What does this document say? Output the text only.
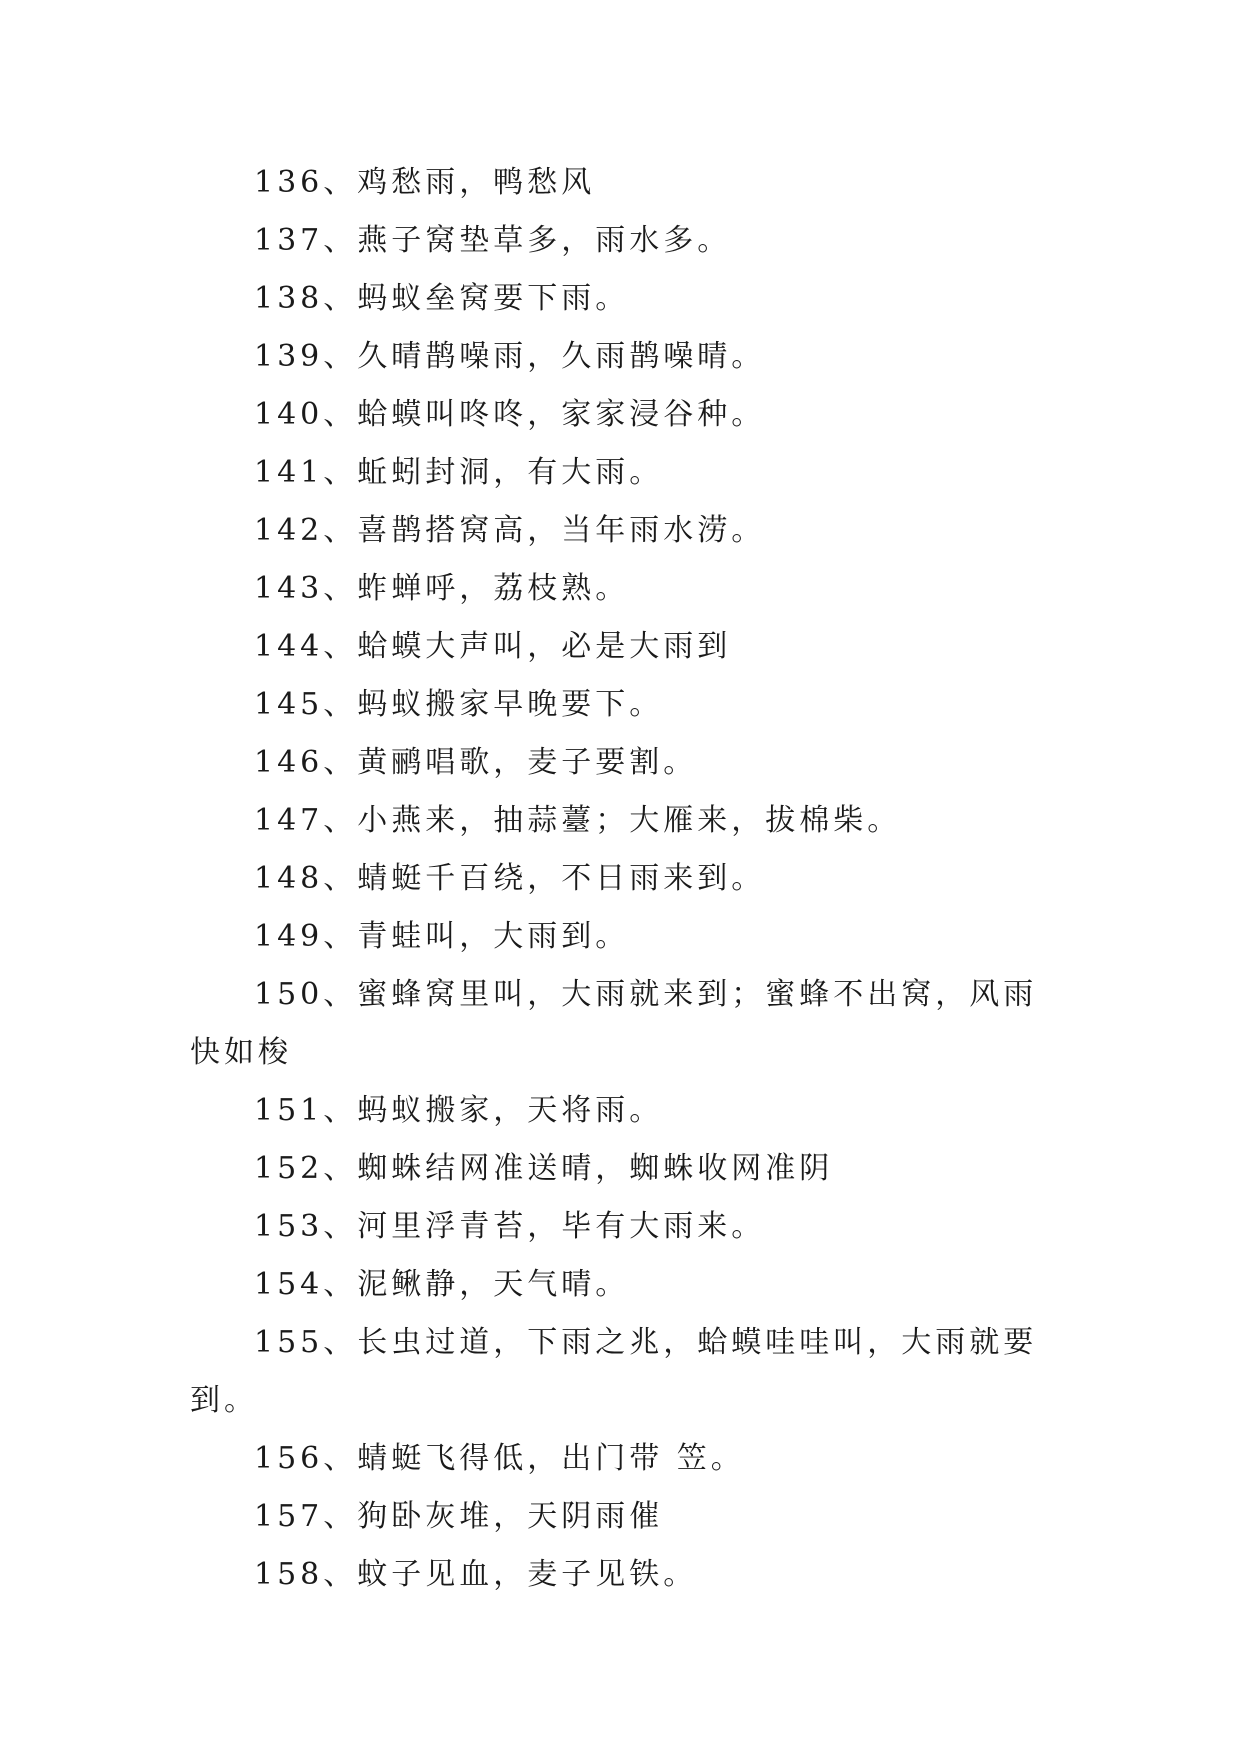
136、鸡愁雨，鸭愁风

137、燕子窝垫草多，雨水多。

138、蚂蚁垒窝要下雨。

139、久晴鹊噪雨，久雨鹊噪晴。

140、蛤蟆叫咚咚，家家浸谷种。

141、蚯蚓封洞，有大雨。

142、喜鹊搭窝高，当年雨水涝。

143、蚱蝉呼，荔枝熟。

144、蛤蟆大声叫，必是大雨到

145、蚂蚁搬家早晚要下。

146、黄鹂唱歌，麦子要割。

147、小燕来，抽蒜薹；大雁来，拔棉柴。

148、蜻蜓千百绕，不日雨来到。

149、青蛙叫，大雨到。

150、蜜蜂窝里叫，大雨就来到；蜜蜂不出窝，风雨快如梭

151、蚂蚁搬家，天将雨。

152、蜘蛛结网准送晴，蜘蛛收网准阴

153、河里浮青苔，毕有大雨来。

154、泥鳅静，天气晴。

155、长虫过道，下雨之兆，蛤蟆哇哇叫，大雨就要到。

156、蜻蜓飞得低，出门带 笠。

157、狗卧灰堆，天阴雨催

158、蚊子见血，麦子见铁。
